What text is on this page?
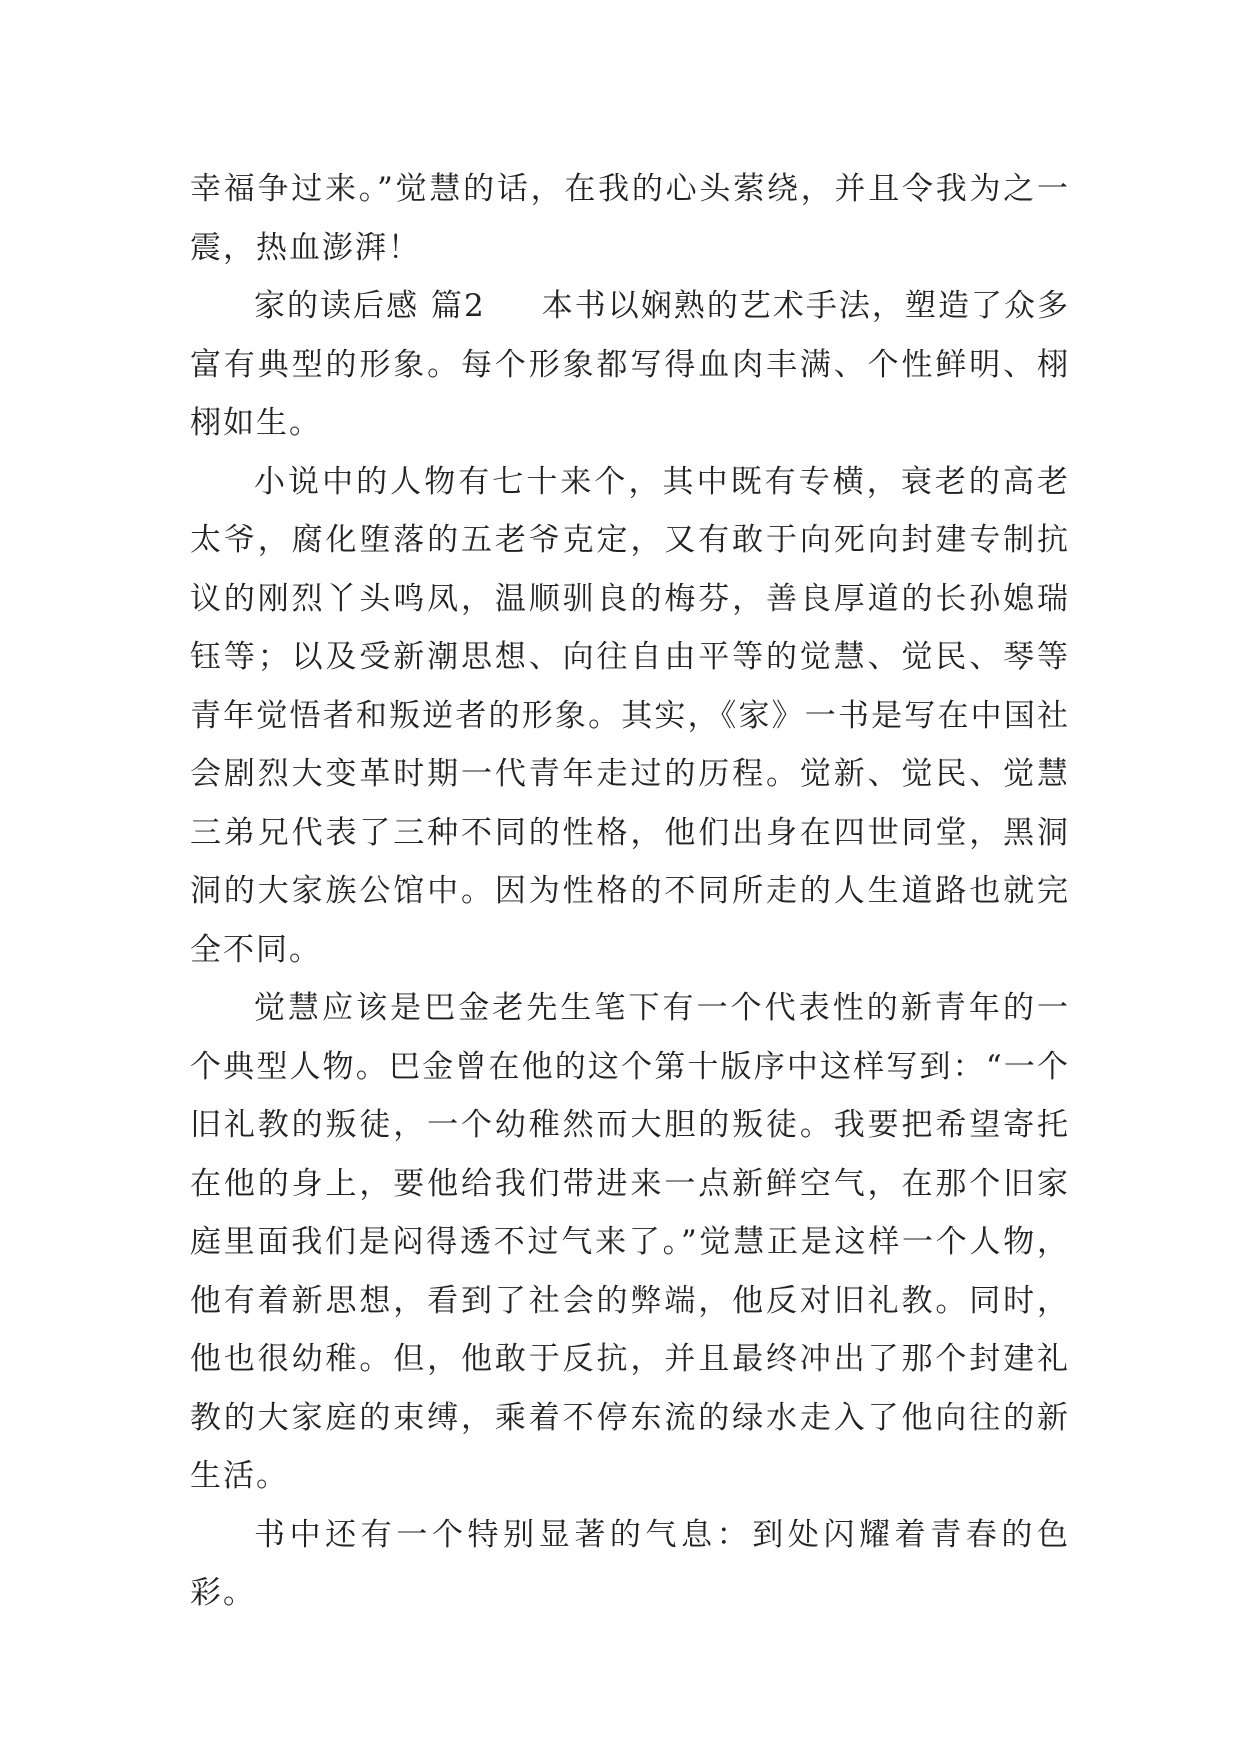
幸福争过来。”觉慧的话，在我的心头萦绕，并且令我为之一震，热血澎湃！

家的读后感 篇2 本书以娴熟的艺术手法，塑造了众多富有典型的形象。每个形象都写得血肉丰满、个性鲜明、栩栩如生。

小说中的人物有七十来个，其中既有专横，衰老的高老太爷，腐化堕落的五老爷克定，又有敢于向死向封建专制抗议的刚烈丫头鸣凤，温顺驯良的梅芬，善良厚道的长孙媳瑞钰等；以及受新潮思想、向往自由平等的觉慧、觉民、琴等青年觉悟者和叛逆者的形象。其实，《家》一书是写在中国社会剧烈大变革时期一代青年走过的历程。觉新、觉民、觉慧三弟兄代表了三种不同的性格，他们出身在四世同堂，黑洞洞的大家族公馆中。因为性格的不同所走的人生道路也就完全不同。

觉慧应该是巴金老先生笔下有一个代表性的新青年的一个典型人物。巴金曾在他的这个第十版序中这样写到：“一个旧礼教的叛徒，一个幼稚然而大胆的叛徒。我要把希望寄托在他的身上，要他给我们带进来一点新鲜空气，在那个旧家庭里面我们是闷得透不过气来了。”觉慧正是这样一个人物，他有着新思想，看到了社会的弊端，他反对旧礼教。同时，他也很幼稚。但，他敢于反抗，并且最终冲出了那个封建礼教的大家庭的束缚，乘着不停东流的绿水走入了他向往的新生活。

书中还有一个特别显著的气息：到处闪耀着青春的色彩。
